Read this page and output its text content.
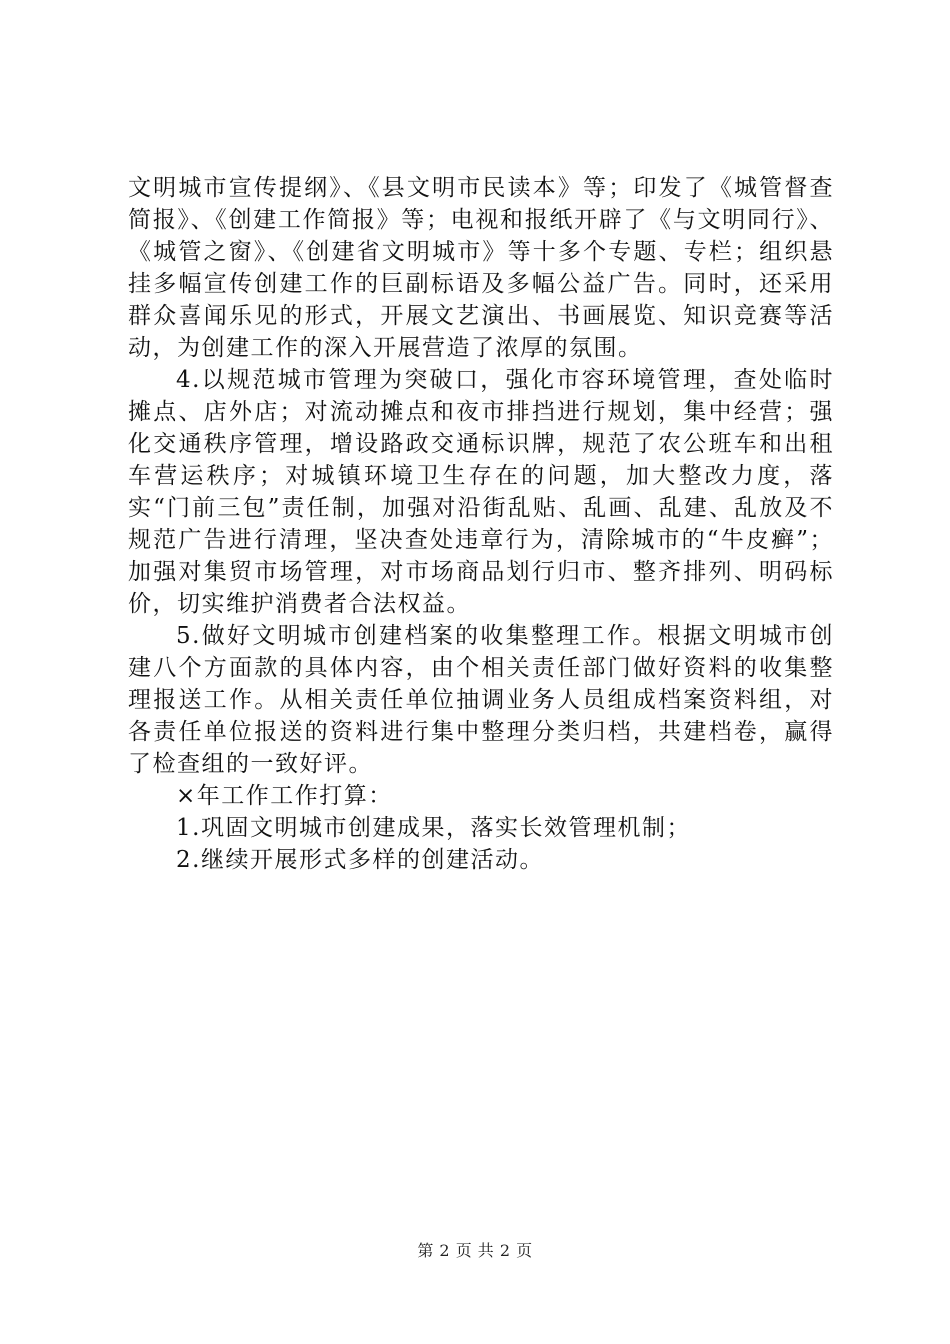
文明城市宣传提纲》、《县文明市民读本》等；印发了《城管督查简报》、《创建工作简报》等；电视和报纸开辟了《与文明同行》、《城管之窗》、《创建省文明城市》等十多个专题、专栏；组织悬挂多幅宣传创建工作的巨副标语及多幅公益广告。同时，还采用群众喜闻乐见的形式，开展文艺演出、书画展览、知识竞赛等活动，为创建工作的深入开展营造了浓厚的氛围。

4.以规范城市管理为突破口，强化市容环境管理，查处临时摊点、店外店；对流动摊点和夜市排挡进行规划，集中经营；强化交通秩序管理，增设路政交通标识牌，规范了农公班车和出租车营运秩序；对城镇环境卫生存在的问题，加大整改力度，落实“门前三包”责任制，加强对沿街乱贴、乱画、乱建、乱放及不规范广告进行清理，坚决查处违章行为，清除城市的“牛皮癣”；加强对集贸市场管理，对市场商品划行归市、整齐排列、明码标价，切实维护消费者合法权益。

5.做好文明城市创建档案的收集整理工作。根据文明城市创建八个方面款的具体内容，由个相关责任部门做好资料的收集整理报送工作。从相关责任单位抽调业务人员组成档案资料组，对各责任单位报送的资料进行集中整理分类归档，共建档卷，赢得了检查组的一致好评。

×年工作工作打算：

1.巩固文明城市创建成果，落实长效管理机制；

2.继续开展形式多样的创建活动。

第 2 页 共 2 页
